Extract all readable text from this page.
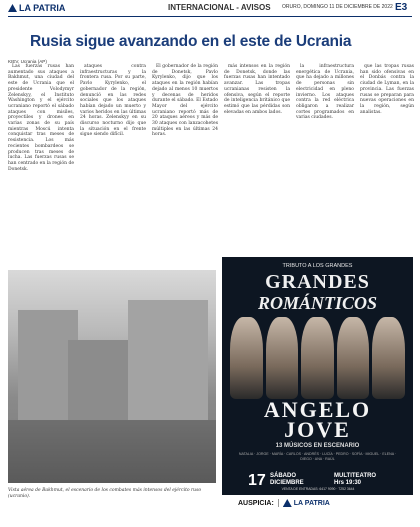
LA PATRIA	INTERNACIONAL - AVISOS ORURO, DOMINGO 11 DE DICIEMBRE DE 2022 E3
Rusia sigue avanzando en el este de Ucrania
KIEV, Ucrania (AP)

Las fuerzas rusas han aumentado sus ataques a Bakhmut, una ciudad del este de Ucrania que el presidente Volodymyr Zelenskyy, el Instituto Washington y el ejército ucraniano reportó el sábado ataques con misiles, proyectiles y drones en varias zonas de su país mientras Moscú intenta conquistar tras meses de resistencia. Los más recientes bombardeos se producen tras meses de lucha. Las fuerzas rusas se han centrado en la región de Donetsk.

ataques contra infraestructuras y la frontera rusa. Por su parte, Pavlo Kyrylenko, el gobernador de la región, denunció en las redes sociales que los ataques habían dejado un muerto y varios heridos en las últimas 24 horas. Zelenskyy en su discurso nocturno dijo que la situación en el frente sigue siendo difícil.

El gobernador de la región de Donetsk, Pavlo Kyrylenko, dijo que los ataques en la región habían dejado al menos 10 muertos y decenas de heridos durante el sábado. El Estado Mayor del ejército ucraniano reportó más de 20 ataques aéreos y más de 30 ataques con lanzacohetes múltiples en las últimas 24 horas.

más intensos en la región de Donetsk, donde las fuerzas rusas han intentado avanzar. Las tropas ucranianas resisten la ofensiva, según el reporte de inteligencia británico que estimó que las pérdidas son elevadas en ambos lados.

la infraestructura energética de Ucrania, que ha dejado a millones de personas sin electricidad en pleno invierno. Los ataques contra la red eléctrica obligaron a realizar cortes programados en varias ciudades.

que las tropas rusas han sido ofensivas en el Donbás contra la ciudad de Lyman, en la provincia. Las fuerzas rusas se preparan para nuevas operaciones en la región, según analistas.

Vista aérea de Bakhmut, el escenario de los combates más intensos del ejército ruso (ucranio).
TRIBUTO A LOS GRANDES
GRANDES
ROMÁNTICOS
ANGELO
JOVE
13 MÚSICOS EN ESCENARIO
NATALIA · JORGE · MARÍA · CARLOS · ANDRÉS · LUCÍA · PEDRO · SOFÍA · MIGUEL · ELENA · DIEGO · ANA · RAÚL
17 SÁBADO
DICIEMBRE
MULTITEATRO
Hrs 19:30
VENTA DE ENTRADAS: 6417 9090 · 7252 3644
AUSPICIA:	LA PATRIA
